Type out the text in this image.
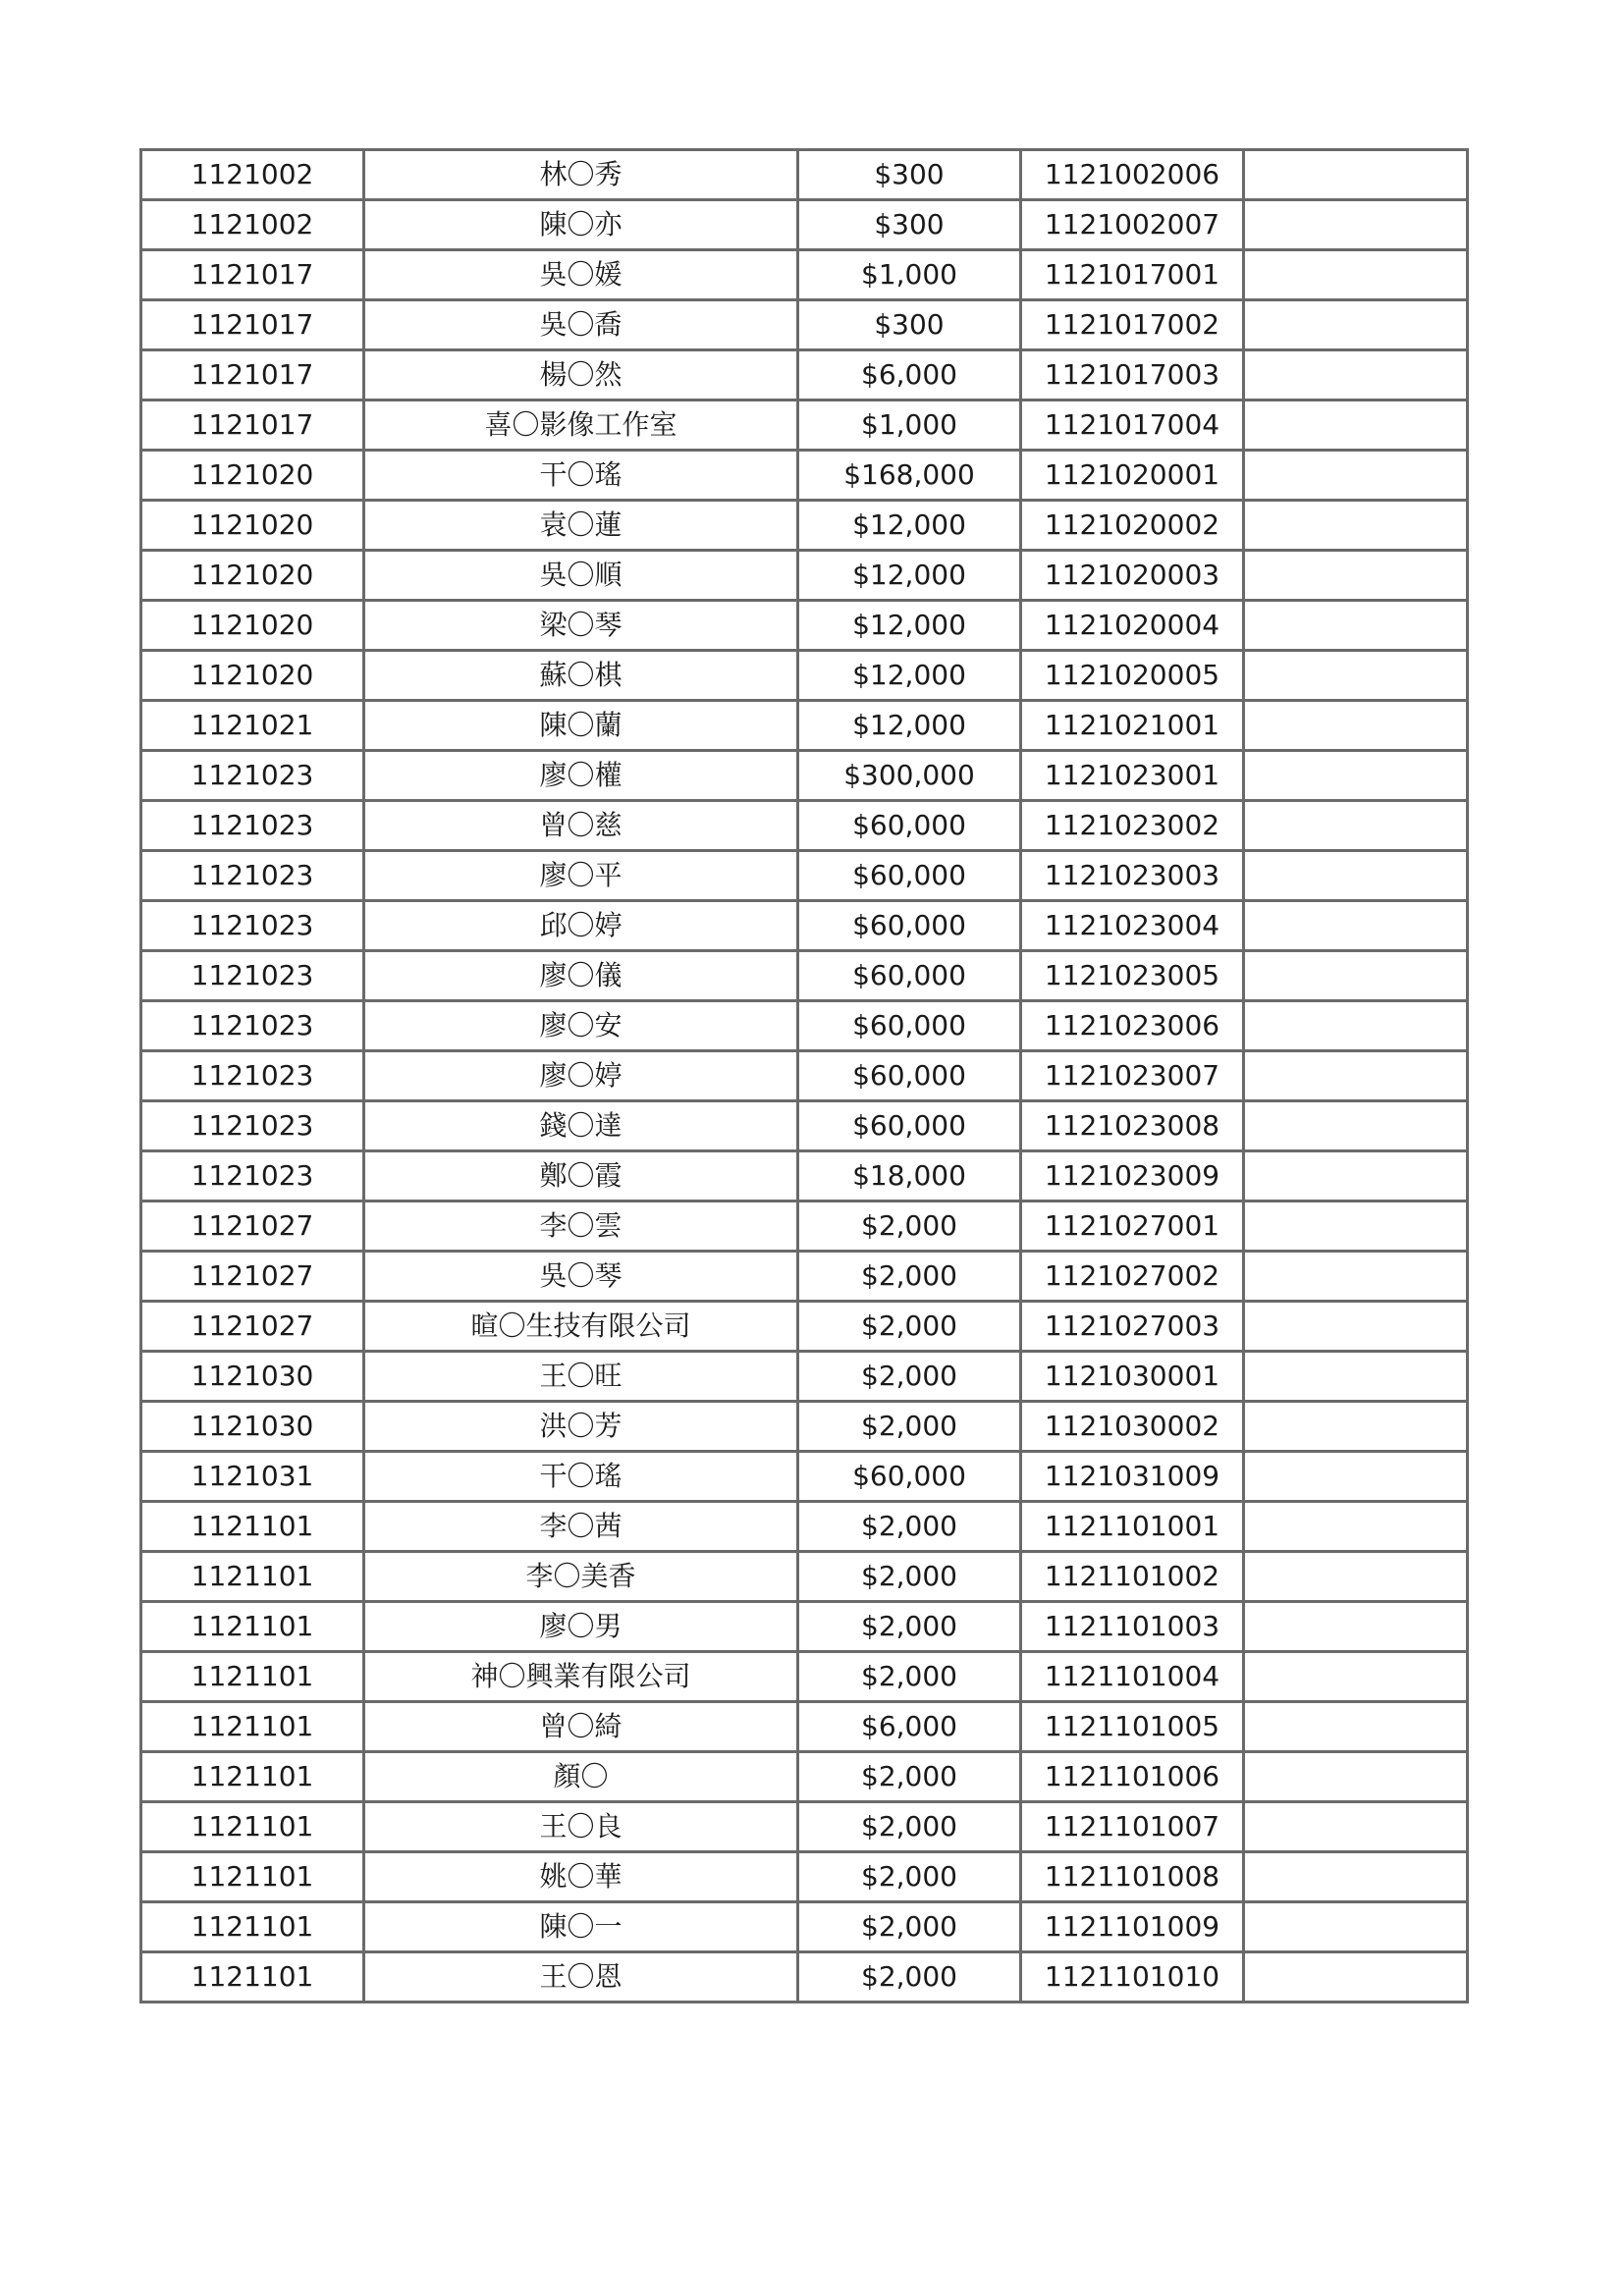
1121002	林〇秀	$300	1121002006	
1121002	陳〇亦	$300	1121002007	
1121017	吳〇媛	$1,000	1121017001	
1121017	吳〇喬	$300	1121017002	
1121017	楊〇然	$6,000	1121017003	
1121017	喜〇影像工作室	$1,000	1121017004	
1121020	干〇瑤	$168,000	1121020001	
1121020	袁〇蓮	$12,000	1121020002	
1121020	吳〇順	$12,000	1121020003	
1121020	梁〇琴	$12,000	1121020004	
1121020	蘇〇棋	$12,000	1121020005	
1121021	陳〇蘭	$12,000	1121021001	
1121023	廖〇權	$300,000	1121023001	
1121023	曾〇慈	$60,000	1121023002	
1121023	廖〇平	$60,000	1121023003	
1121023	邱〇婷	$60,000	1121023004	
1121023	廖〇儀	$60,000	1121023005	
1121023	廖〇安	$60,000	1121023006	
1121023	廖〇婷	$60,000	1121023007	
1121023	錢〇達	$60,000	1121023008	
1121023	鄭〇霞	$18,000	1121023009	
1121027	李〇雲	$2,000	1121027001	
1121027	吳〇琴	$2,000	1121027002	
1121027	暄〇生技有限公司	$2,000	1121027003	
1121030	王〇旺	$2,000	1121030001	
1121030	洪〇芳	$2,000	1121030002	
1121031	干〇瑤	$60,000	1121031009	
1121101	李〇茜	$2,000	1121101001	
1121101	李〇美香	$2,000	1121101002	
1121101	廖〇男	$2,000	1121101003	
1121101	神〇興業有限公司	$2,000	1121101004	
1121101	曾〇綺	$6,000	1121101005	
1121101	顏〇	$2,000	1121101006	
1121101	王〇良	$2,000	1121101007	
1121101	姚〇華	$2,000	1121101008	
1121101	陳〇一	$2,000	1121101009	
1121101	王〇恩	$2,000	1121101010	
